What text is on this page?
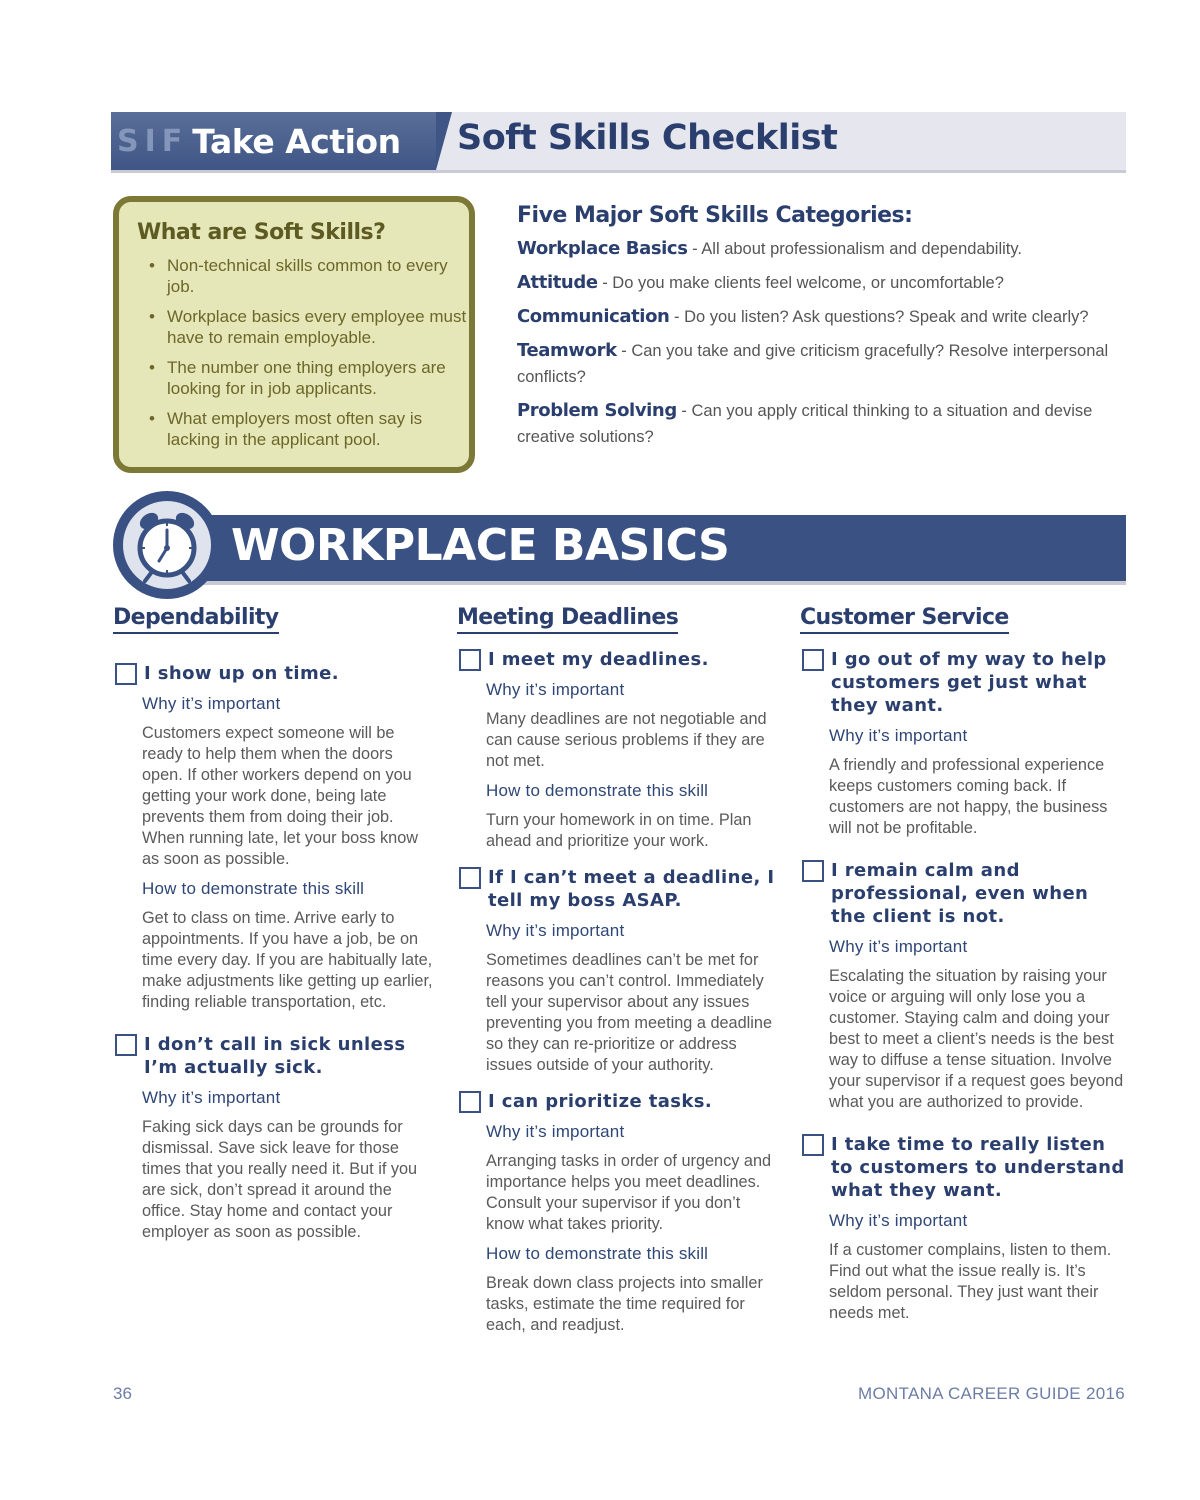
S I F Take Action Soft Skills Checklist
What are Soft Skills?
• Non-technical skills common to every job.
• Workplace basics every employee must have to remain employable.
• The number one thing employers are looking for in job applicants.
• What employers most often say is lacking in the applicant pool.
Five Major Soft Skills Categories:
Workplace Basics - All about professionalism and dependability.
Attitude - Do you make clients feel welcome, or uncomfortable?
Communication - Do you listen? Ask questions? Speak and write clearly?
Teamwork - Can you take and give criticism gracefully? Resolve interpersonal conflicts?
Problem Solving - Can you apply critical thinking to a situation and devise creative solutions?
WORKPLACE BASICS
Dependability
I show up on time.
Why it’s important
Customers expect someone will be ready to help them when the doors open. If other workers depend on you getting your work done, being late prevents them from doing their job. When running late, let your boss know as soon as possible.
How to demonstrate this skill
Get to class on time. Arrive early to appointments. If you have a job, be on time every day. If you are habitually late, make adjustments like getting up earlier, finding reliable transportation, etc.
I don’t call in sick unless I’m actually sick.
Why it’s important
Faking sick days can be grounds for dismissal. Save sick leave for those times that you really need it. But if you are sick, don’t spread it around the office. Stay home and contact your employer as soon as possible.
Meeting Deadlines
I meet my deadlines.
Why it’s important
Many deadlines are not negotiable and can cause serious problems if they are not met.
How to demonstrate this skill
Turn your homework in on time. Plan ahead and prioritize your work.
If I can’t meet a deadline, I tell my boss ASAP.
Why it’s important
Sometimes deadlines can’t be met for reasons you can’t control. Immediately tell your supervisor about any issues preventing you from meeting a deadline so they can re-prioritize or address issues outside of your authority.
I can prioritize tasks.
Why it’s important
Arranging tasks in order of urgency and importance helps you meet deadlines. Consult your supervisor if you don’t know what takes priority.
How to demonstrate this skill
Break down class projects into smaller tasks, estimate the time required for each, and readjust.
Customer Service
I go out of my way to help customers get just what they want.
Why it’s important
A friendly and professional experience keeps customers coming back. If customers are not happy, the business will not be profitable.
I remain calm and professional, even when the client is not.
Why it’s important
Escalating the situation by raising your voice or arguing will only lose you a customer. Staying calm and doing your best to meet a client’s needs is the best way to diffuse a tense situation. Involve your supervisor if a request goes beyond what you are authorized to provide.
I take time to really listen to customers to understand what they want.
Why it’s important
If a customer complains, listen to them. Find out what the issue really is. It’s seldom personal. They just want their needs met.
36	MONTANA CAREER GUIDE 2016
